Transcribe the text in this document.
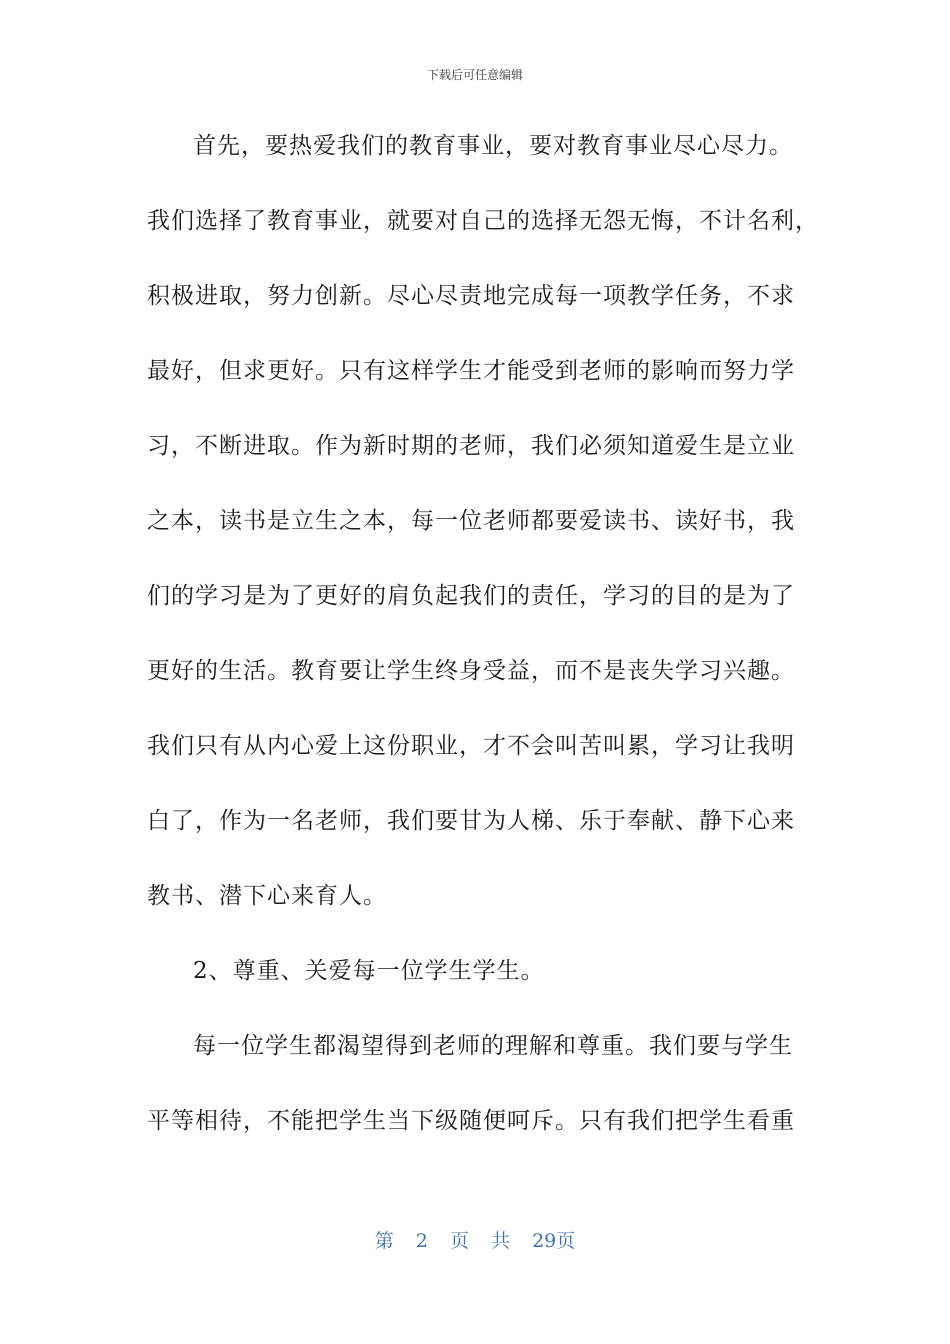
下载后可任意编辑
首先，要热爱我们的教育事业，要对教育事业尽心尽力。
我们选择了教育事业，就要对自己的选择无怨无悔，不计名利，
积极进取，努力创新。尽心尽责地完成每一项教学任务，不求
最好，但求更好。只有这样学生才能受到老师的影响而努力学
习，不断进取。作为新时期的老师，我们必须知道爱生是立业
之本，读书是立生之本，每一位老师都要爱读书、读好书，我
们的学习是为了更好的肩负起我们的责任，学习的目的是为了
更好的生活。教育要让学生终身受益，而不是丧失学习兴趣。
我们只有从内心爱上这份职业，才不会叫苦叫累，学习让我明
白了，作为一名老师，我们要甘为人梯、乐于奉献、静下心来
教书、潜下心来育人。
2、尊重、关爱每一位学生学生。
每一位学生都渴望得到老师的理解和尊重。我们要与学生
平等相待，不能把学生当下级随便呵斥。只有我们把学生看重
第 2 页 共 29页
